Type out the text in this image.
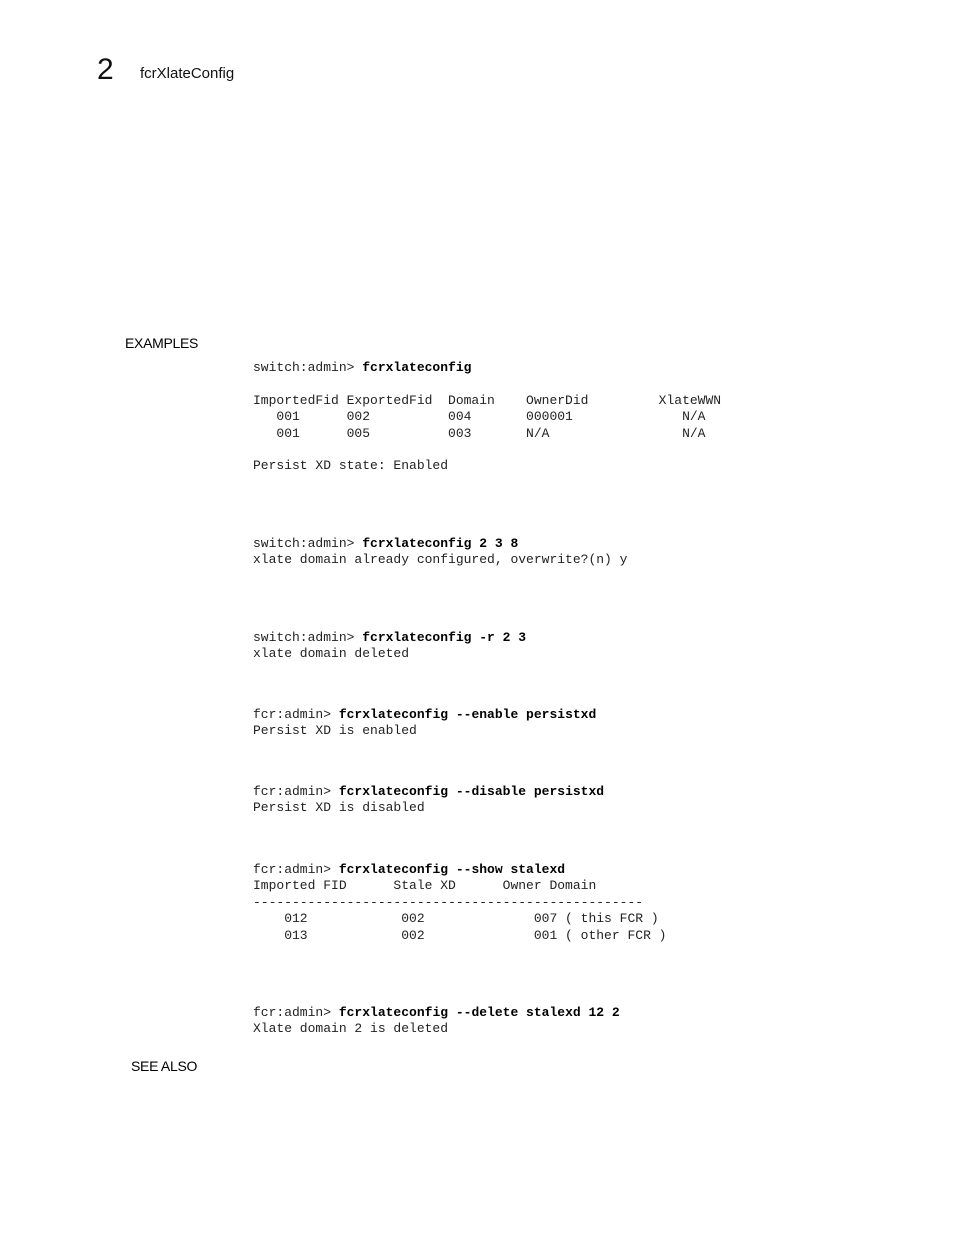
2 fcrXlateConfig
EXAMPLES
switch:admin> fcrxlateconfig

ImportedFid ExportedFid  Domain    OwnerDid         XlateWWN
001      002          004       000001              N/A
001      005          003       N/A                 N/A

Persist XD state: Enabled
switch:admin> fcrxlateconfig 2 3 8
xlate domain already configured, overwrite?(n) y
switch:admin> fcrxlateconfig -r 2 3
xlate domain deleted
fcr:admin> fcrxlateconfig --enable persistxd
Persist XD is enabled
fcr:admin> fcrxlateconfig --disable persistxd
Persist XD is disabled
fcr:admin> fcrxlateconfig --show stalexd
Imported FID      Stale XD      Owner Domain
--------------------------------------------------
012            002              007 ( this FCR )
013            002              001 ( other FCR )
fcr:admin> fcrxlateconfig --delete stalexd 12 2
Xlate domain 2 is deleted
SEE ALSO
